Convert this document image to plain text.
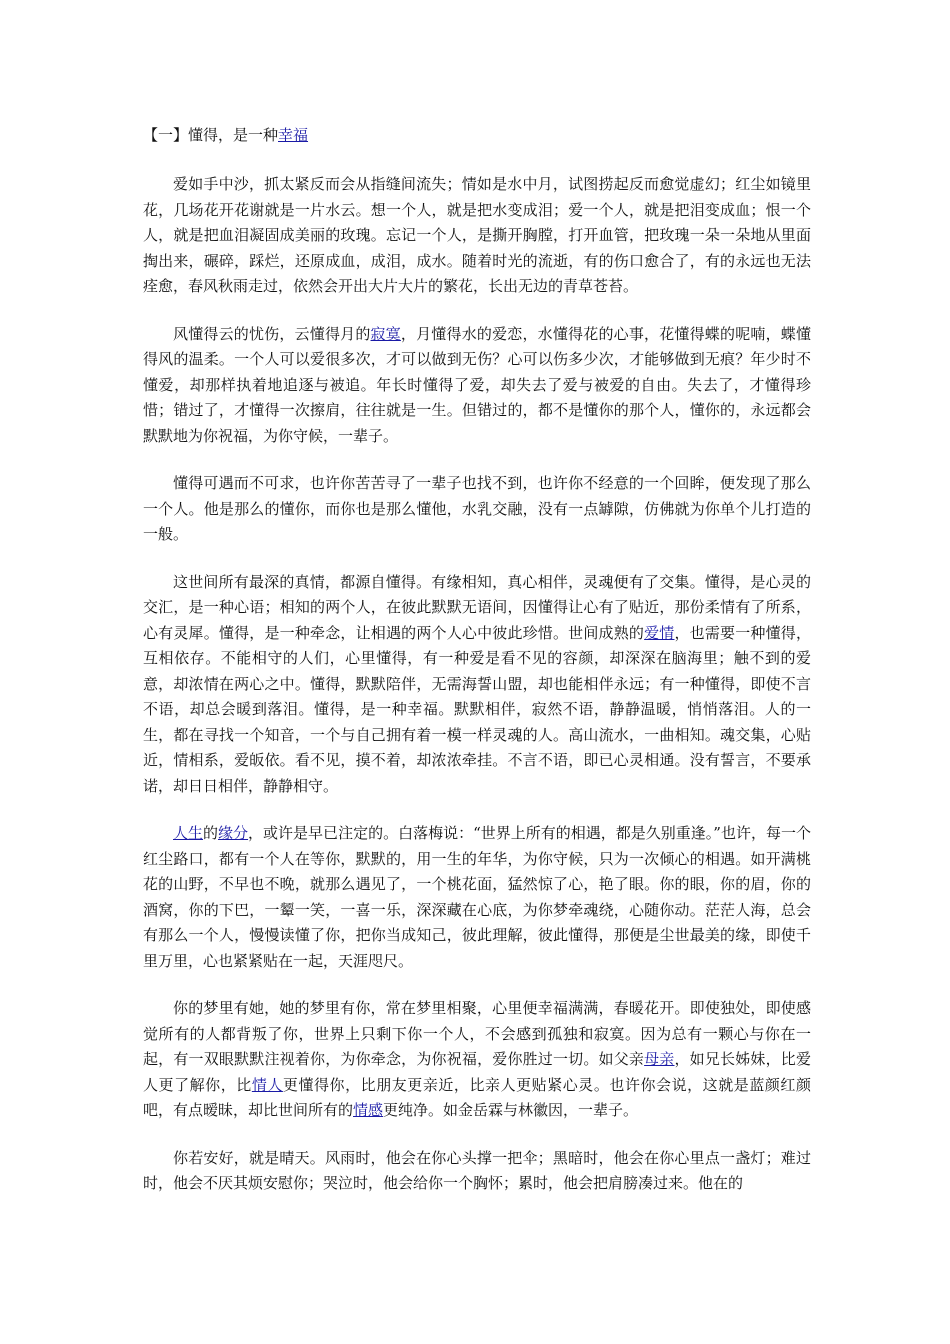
【一】懂得，是一种幸福

爱如手中沙，抓太紧反而会从指缝间流失；情如是水中月，试图捞起反而愈觉虚幻；红尘如镜里花，几场花开花谢就是一片水云。想一个人，就是把水变成泪；爱一个人，就是把泪变成血；恨一个人，就是把血泪凝固成美丽的玫瑰。忘记一个人，是撕开胸膛，打开血管，把玫瑰一朵一朵地从里面掏出来，碾碎，踩烂，还原成血，成泪，成水。随着时光的流逝，有的伤口愈合了，有的永远也无法痊愈，春风秋雨走过，依然会开出大片大片的繁花，长出无边的青草苍苔。

风懂得云的忧伤，云懂得月的寂寞，月懂得水的爱恋，水懂得花的心事，花懂得蝶的呢喃，蝶懂得风的温柔。一个人可以爱很多次，才可以做到无伤？心可以伤多少次，才能够做到无痕？年少时不懂爱，却那样执着地追逐与被追。年长时懂得了爱，却失去了爱与被爱的自由。失去了，才懂得珍惜；错过了，才懂得一次擦肩，往往就是一生。但错过的，都不是懂你的那个人，懂你的，永远都会默默地为你祝福，为你守候，一辈子。

懂得可遇而不可求，也许你苦苦寻了一辈子也找不到，也许你不经意的一个回眸，便发现了那么一个人。他是那么的懂你，而你也是那么懂他，水乳交融，没有一点罅隙，仿佛就为你单个儿打造的一般。

这世间所有最深的真情，都源自懂得。有缘相知，真心相伴，灵魂便有了交集。懂得，是心灵的交汇，是一种心语；相知的两个人，在彼此默默无语间，因懂得让心有了贴近，那份柔情有了所系，心有灵犀。懂得，是一种牵念，让相遇的两个人心中彼此珍惜。世间成熟的爱情，也需要一种懂得，互相依存。不能相守的人们，心里懂得，有一种爱是看不见的容颜，却深深在脑海里；触不到的爱意，却浓情在两心之中。懂得，默默陪伴，无需海誓山盟，却也能相伴永远；有一种懂得，即使不言不语，却总会暖到落泪。懂得，是一种幸福。默默相伴，寂然不语，静静温暖，悄悄落泪。人的一生，都在寻找一个知音，一个与自己拥有着一模一样灵魂的人。高山流水，一曲相知。魂交集，心贴近，情相系，爱皈依。看不见，摸不着，却浓浓牵挂。不言不语，即已心灵相通。没有誓言，不要承诺，却日日相伴，静静相守。

人生的缘分，或许是早已注定的。白落梅说：“世界上所有的相遇，都是久别重逢。”也许，每一个红尘路口，都有一个人在等你，默默的，用一生的年华，为你守候，只为一次倾心的相遇。如开满桃花的山野，不早也不晚，就那么遇见了，一个桃花面，猛然惊了心，艳了眼。你的眼，你的眉，你的酒窝，你的下巴，一颦一笑，一喜一乐，深深藏在心底，为你梦牵魂绕，心随你动。茫茫人海，总会有那么一个人，慢慢读懂了你，把你当成知己，彼此理解，彼此懂得，那便是尘世最美的缘，即使千里万里，心也紧紧贴在一起，天涯咫尺。

你的梦里有她，她的梦里有你，常在梦里相聚，心里便幸福满满，春暖花开。即使独处，即使感觉所有的人都背叛了你，世界上只剩下你一个人，不会感到孤独和寂寞。因为总有一颗心与你在一起，有一双眼默默注视着你，为你牵念，为你祝福，爱你胜过一切。如父亲母亲，如兄长姊妹，比爱人更了解你，比情人更懂得你，比朋友更亲近，比亲人更贴紧心灵。也许你会说，这就是蓝颜红颜吧，有点暧昧，却比世间所有的情感更纯净。如金岳霖与林徽因，一辈子。

你若安好，就是晴天。风雨时，他会在你心头撑一把伞；黑暗时，他会在你心里点一盏灯；难过时，他会不厌其烦安慰你；哭泣时，他会给你一个胸怀；累时，他会把肩膀凑过来。他在的
